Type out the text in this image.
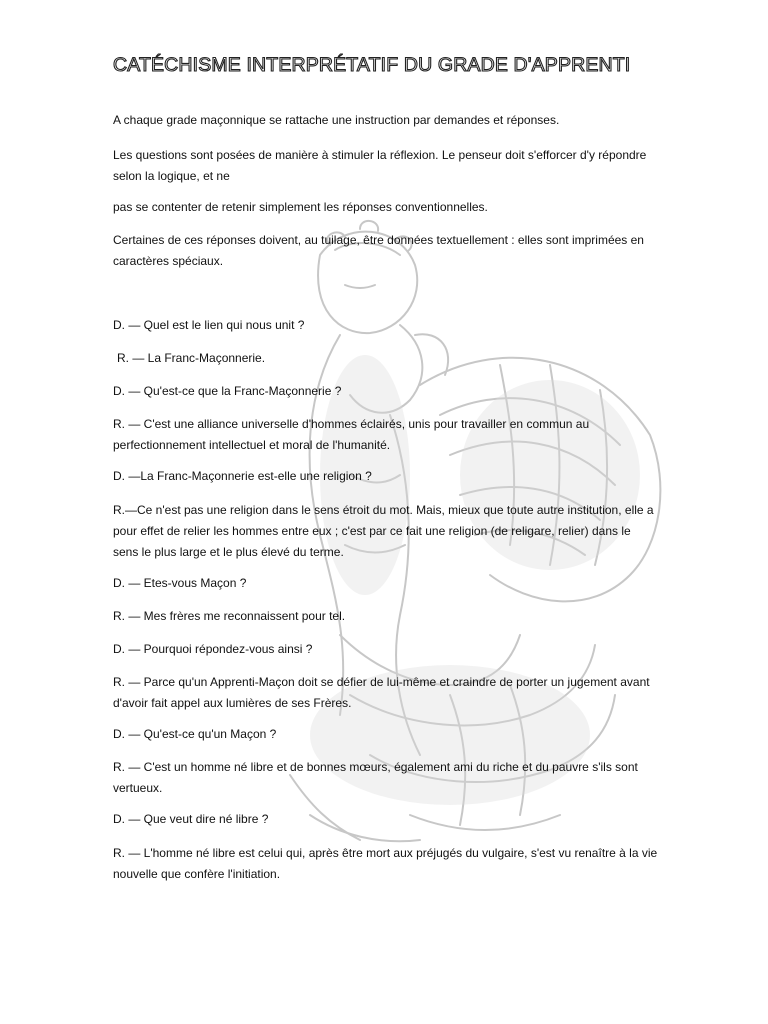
CATÉCHISME INTERPRÉTATIF DU GRADE D'APPRENTI

A chaque grade maçonnique se rattache une instruction par demandes et réponses.

Les questions sont posées de manière à stimuler la réflexion. Le penseur doit s'efforcer d'y répondre selon la logique, et ne

pas se contenter de retenir simplement les réponses conventionnelles.

Certaines de ces réponses doivent, au tuilage, être données textuellement : elles sont imprimées en caractères spéciaux.

D. — Quel est le lien qui nous unit ?

R. — La Franc-Maçonnerie.

D. — Qu'est-ce que la Franc-Maçonnerie ?

R. — C'est une alliance universelle d'hommes éclairés, unis pour travailler en commun au perfectionnement intellectuel et moral de l'humanité.

D. —La Franc-Maçonnerie est-elle une religion ?

R.—Ce n'est pas une religion dans le sens étroit du mot. Mais, mieux que toute autre institution, elle a pour effet de relier les hommes entre eux ; c'est par ce fait une religion (de religare, relier) dans le sens le plus large et le plus élevé du terme.

D. — Etes-vous Maçon ?

R. — Mes frères me reconnaissent pour tel.

D. — Pourquoi répondez-vous ainsi ?

R. — Parce qu'un Apprenti-Maçon doit se défier de lui-même et craindre de porter un jugement avant d'avoir fait appel aux lumières de ses Frères.

D. — Qu'est-ce qu'un Maçon ?

R. — C'est un homme né libre et de bonnes mœurs, également ami du riche et du pauvre s'ils sont vertueux.

D. — Que veut dire né libre ?

R. — L'homme né libre est celui qui, après être mort aux préjugés du vulgaire, s'est vu renaître à la vie nouvelle que confère l'initiation.
